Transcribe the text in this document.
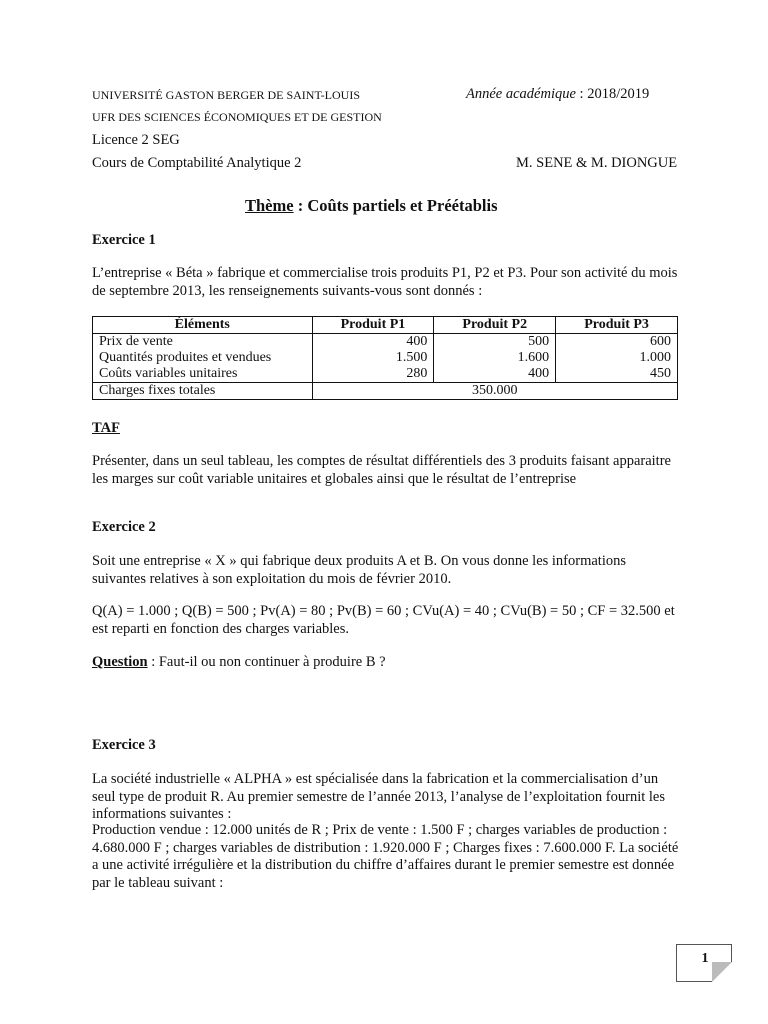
UNIVERSITÉ GASTON BERGER DE SAINT-LOUIS	Année académique : 2018/2019
UFR DES SCIENCES ÉCONOMIQUES ET DE GESTION
Licence 2 SEG
Cours de Comptabilité Analytique 2	M. SENE & M. DIONGUE
Thème : Coûts partiels et Préétablis
Exercice 1
L’entreprise « Béta » fabrique et commercialise trois produits P1, P2 et P3. Pour son activité du mois de septembre 2013, les renseignements suivants-vous sont donnés :
Éléments	Produit P1	Produit P2	Produit P3
Prix de vente	400	500	600
Quantités produites et vendues	1.500	1.600	1.000
Coûts variables unitaires	280	400	450
Charges fixes totales	350.000		
TAF
Présenter, dans un seul tableau, les comptes de résultat différentiels des 3 produits faisant apparaitre les marges sur coût variable unitaires et globales ainsi que le résultat de l’entreprise
Exercice 2
Soit une entreprise « X » qui fabrique deux produits A et B. On vous donne les informations suivantes relatives à son exploitation du mois de février 2010.
Q(A) = 1.000 ; Q(B) = 500 ; Pv(A) = 80 ; Pv(B) = 60 ; CVu(A) = 40 ; CVu(B) = 50 ; CF = 32.500 et est reparti en fonction des charges variables.
Question : Faut-il ou non continuer à produire B ?
Exercice 3
La société industrielle « ALPHA » est spécialisée dans la fabrication et la commercialisation d’un seul type de produit R. Au premier semestre de l’année 2013, l’analyse de l’exploitation fournit les informations suivantes :
Production vendue : 12.000 unités de R ; Prix de vente : 1.500 F ; charges variables de production : 4.680.000 F ; charges variables de distribution : 1.920.000 F ; Charges fixes : 7.600.000 F. La société a une activité irrégulière et la distribution du chiffre d’affaires durant le premier semestre est donnée par le tableau suivant :
1
